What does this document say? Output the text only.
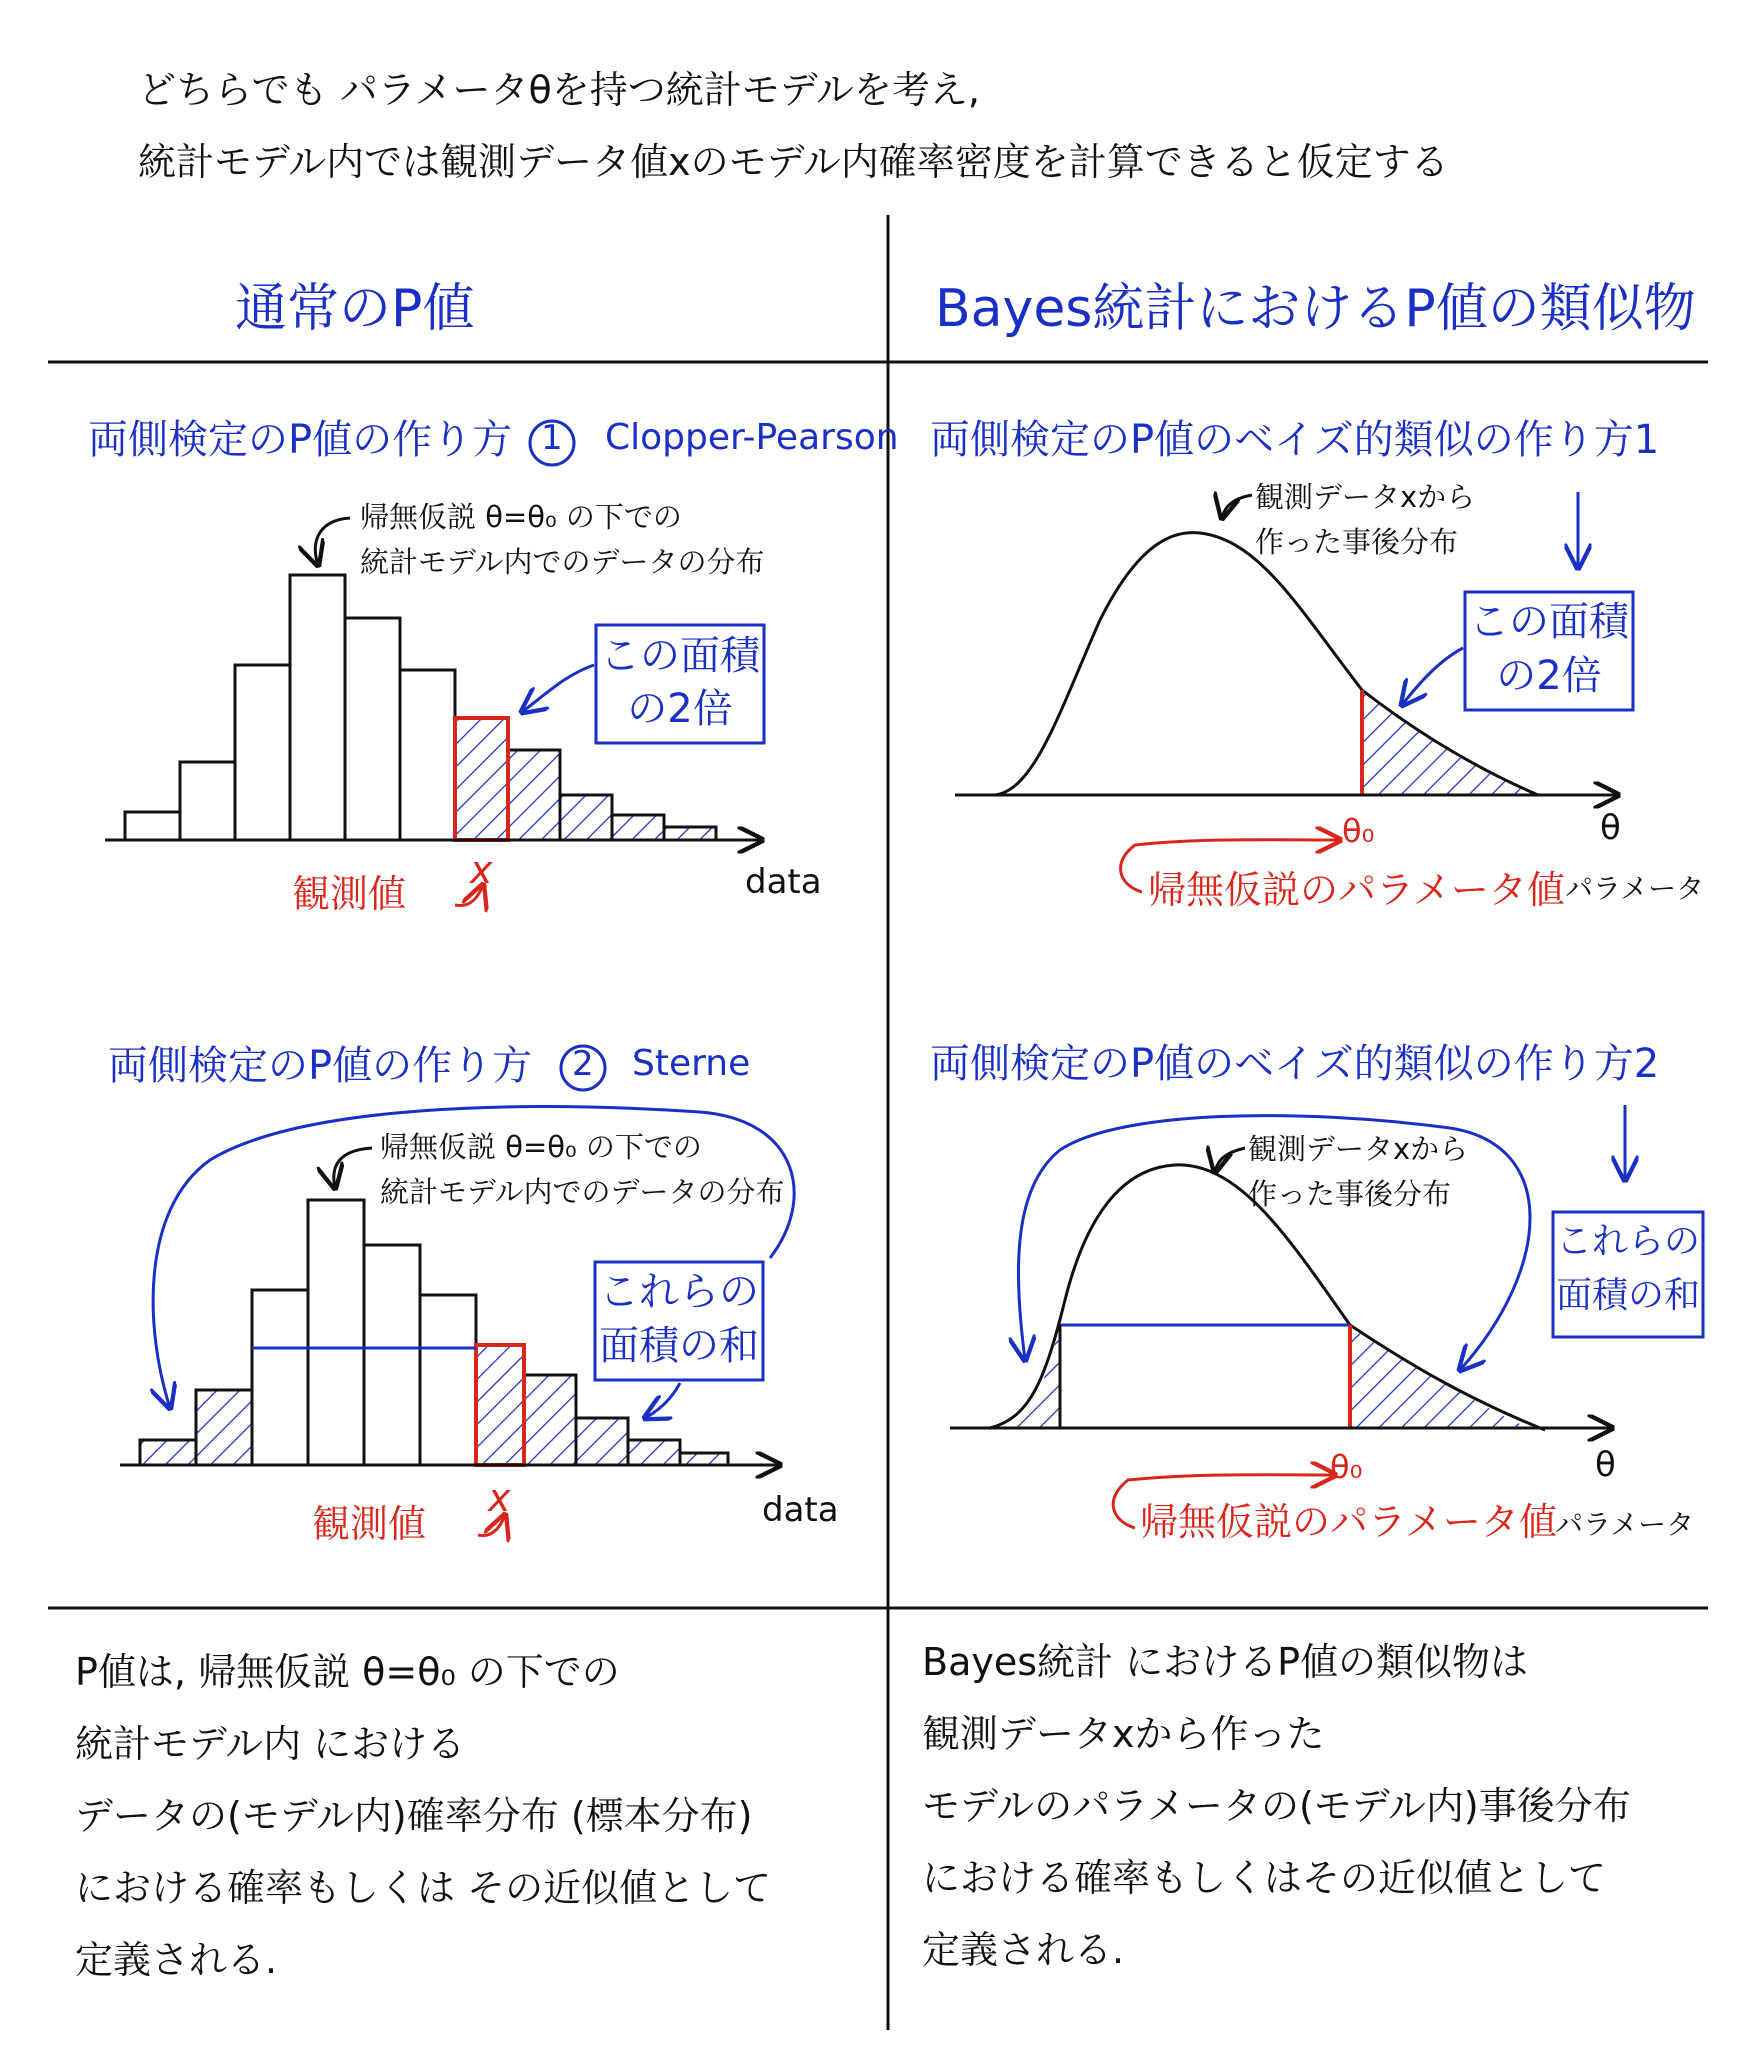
どちらでも パラメータθを持つ統計モデルを考え,
統計モデル内では観測データ値xのモデル内確率密度を計算できると仮定する
通常のP値	Bayes統計におけるP値の類似物
両側検定のP値の作り方 1 Clopper-Pearson
帰無仮説 θ=θ₀ の下での
統計モデル内でのデータの分布
この面積
の2倍
観測値
x	data
両側検定のP値の作り方 2 Sterne
帰無仮説 θ=θ₀ の下での
統計モデル内でのデータの分布
これらの
面積の和
観測値
x	data
両側検定のP値のベイズ的類似の作り方1
観測データxから
作った事後分布
この面積
の2倍
θ₀
帰無仮説のパラメータ値
θ
パラメータ
両側検定のP値のベイズ的類似の作り方2
観測データxから
作った事後分布
これらの
面積の和
θ₀
帰無仮説のパラメータ値
θ
パラメータ
P値は, 帰無仮説 θ=θ₀ の下での
統計モデル内 における
データの(モデル内)確率分布 (標本分布)
における確率もしくは その近似値として
定義される.
Bayes統計 におけるP値の類似物は
観測データxから作った
モデルのパラメータの(モデル内)事後分布
における確率もしくはその近似値として
定義される.
